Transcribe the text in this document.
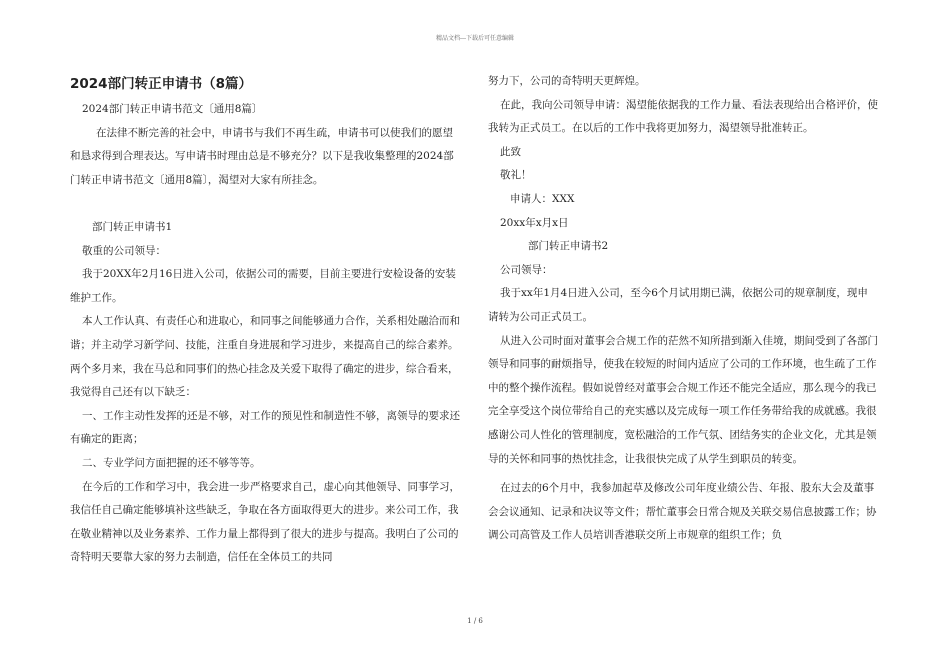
精品文档---下载后可任意编辑

2024部门转正申请书（8篇）

2024部门转正申请书范文〔通用8篇〕

在法律不断完善的社会中，申请书与我们不再生疏，申请书可以使我们的愿望和恳求得到合理表达。写申请书时理由总是不够充分？以下是我收集整理的2024部门转正申请书范文〔通用8篇〕，渴望对大家有所挂念。

部门转正申请书1

敬重的公司领导：

我于20XX年2月16日进入公司，依据公司的需要，目前主要进行安检设备的安装维护工作。

本人工作认真、有责任心和进取心，和同事之间能够通力合作，关系相处融洽而和谐；并主动学习新学问、技能，注重自身进展和学习进步，来提高自己的综合素养。两个多月来，我在马总和同事们的热心挂念及关爱下取得了确定的进步，综合看来，我觉得自己还有以下缺乏：

一、工作主动性发挥的还是不够，对工作的预见性和制造性不够，离领导的要求还有确定的距离；

二、专业学问方面把握的还不够等等。

在今后的工作和学习中，我会进一步严格要求自己，虚心向其他领导、同事学习，我信任自己确定能够填补这些缺乏，争取在各方面取得更大的进步。来公司工作，我在敬业精神以及业务素养、工作力量上都得到了很大的进步与提高。我明白了公司的奇特明天要靠大家的努力去制造，信任在全体员工的共同

努力下，公司的奇特明天更辉煌。

在此，我向公司领导申请：渴望能依据我的工作力量、看法表现给出合格评价，使我转为正式员工。在以后的工作中我将更加努力，渴望领导批准转正。

此致

敬礼！

申请人：XXX

20xx年x月x日

部门转正申请书2

公司领导：

我于xx年1月4日进入公司，至今6个月试用期已满，依据公司的规章制度，现申请转为公司正式员工。

从进入公司时面对董事会合规工作的茫然不知所措到渐入佳境，期间受到了各部门领导和同事的耐烦指导，使我在较短的时间内适应了公司的工作环境，也生疏了工作中的整个操作流程。假如说曾经对董事会合规工作还不能完全适应，那么现今的我已完全享受这个岗位带给自己的充实感以及完成每一项工作任务带给我的成就感。我很感谢公司人性化的管理制度，宽松融洽的工作气氛、团结务实的企业文化，尤其是领导的关怀和同事的热忱挂念，让我很快完成了从学生到职员的转变。

在过去的6个月中，我参加起草及修改公司年度业绩公告、年报、股东大会及董事会会议通知、记录和决议等文件；帮忙董事会日常合规及关联交易信息披露工作；协调公司高管及工作人员培训香港联交所上市规章的组织工作；负

1 / 6
